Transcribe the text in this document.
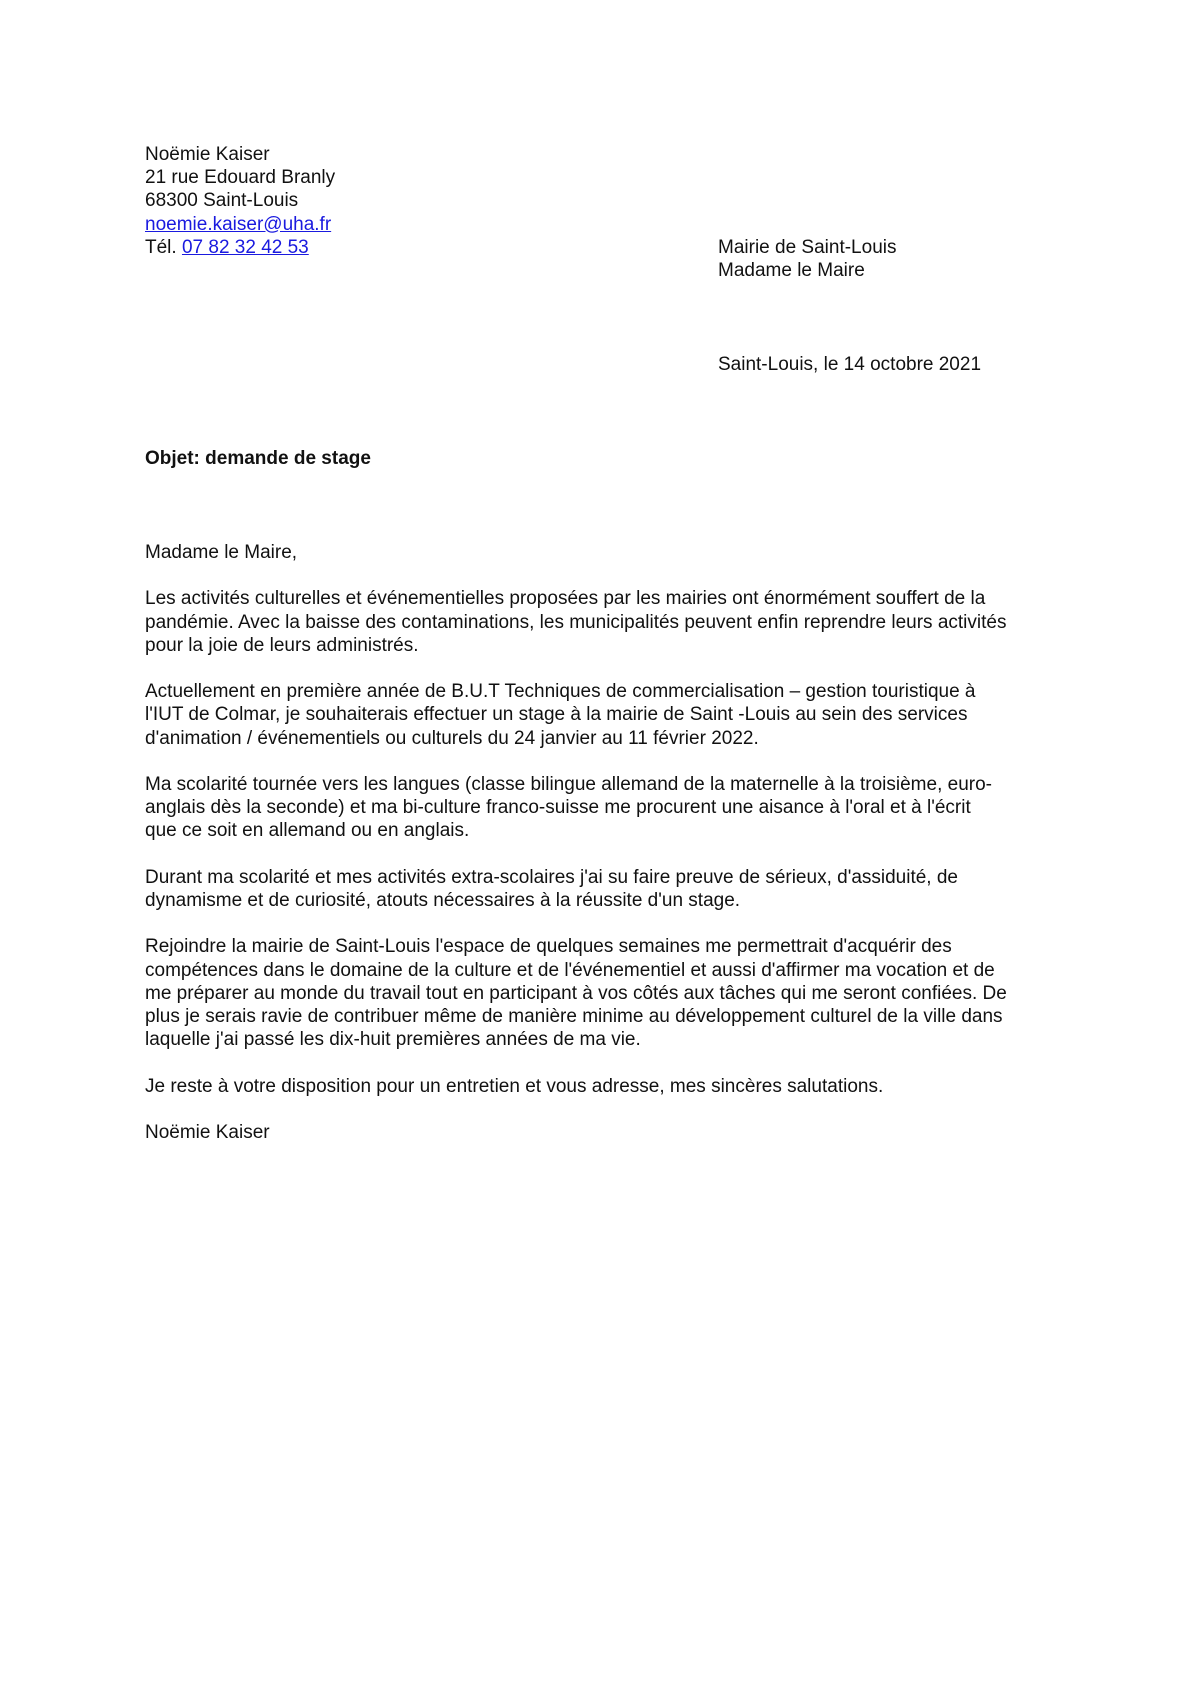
Noëmie Kaiser
21 rue Edouard Branly
68300 Saint-Louis
noemie.kaiser@uha.fr
Tél. 07 82 32 42 53	Mairie de Saint-Louis
Madame le Maire
Saint-Louis, le 14 octobre 2021
Objet: demande de stage

Madame le Maire,

Les activités culturelles et événementielles proposées par les mairies ont énormément souffert de la
pandémie. Avec la baisse des contaminations, les municipalités peuvent enfin reprendre leurs activités
pour la joie de leurs administrés.

Actuellement en première année de B.U.T Techniques de commercialisation – gestion touristique à
l'IUT de Colmar, je souhaiterais effectuer un stage à la mairie de Saint -Louis au sein des services
d'animation / événementiels ou culturels du 24 janvier au 11 février 2022.

Ma scolarité tournée vers les langues (classe bilingue allemand de la maternelle à la troisième, euro-
anglais dès la seconde) et ma bi-culture franco-suisse me procurent une aisance à l'oral et à l'écrit
que ce soit en allemand ou en anglais.

Durant ma scolarité et mes activités extra-scolaires j'ai su faire preuve de sérieux, d'assiduité, de
dynamisme et de curiosité, atouts nécessaires à la réussite d'un stage.

Rejoindre la mairie de Saint-Louis l'espace de quelques semaines me permettrait d'acquérir des
compétences dans le domaine de la culture et de l'événementiel et aussi d'affirmer ma vocation et de
me préparer au monde du travail tout en participant à vos côtés aux tâches qui me seront confiées. De
plus je serais ravie de contribuer même de manière minime au développement culturel de la ville dans
laquelle j'ai passé les dix-huit premières années de ma vie.

Je reste à votre disposition pour un entretien et vous adresse, mes sincères salutations.

Noëmie Kaiser
